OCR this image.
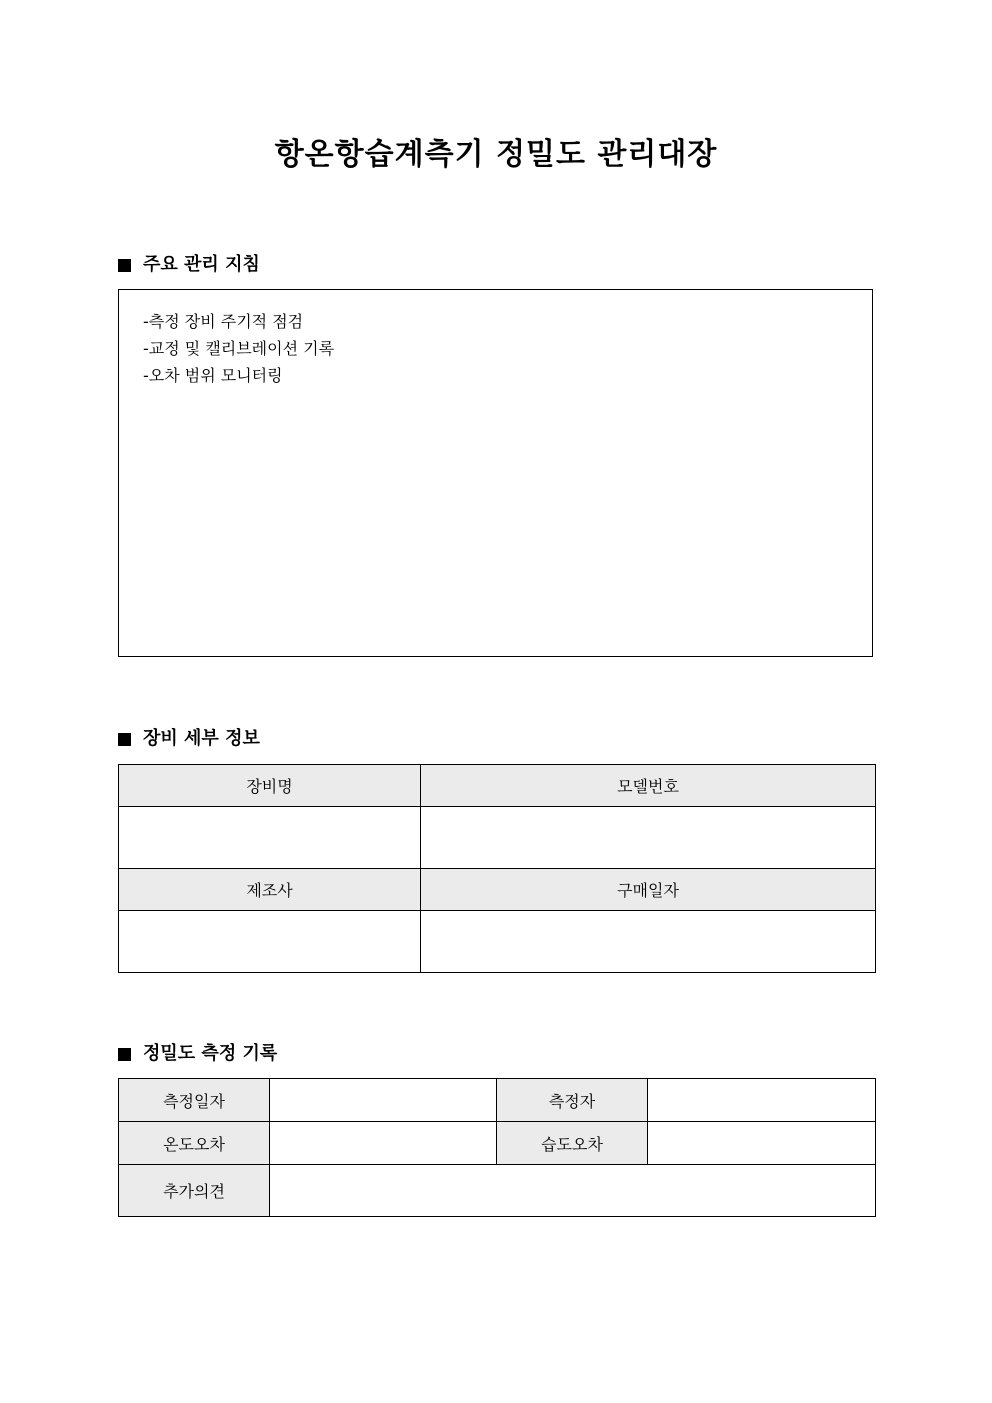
항온항습계측기 정밀도 관리대장
주요 관리 지침
-측정 장비 주기적 점검
-교정 및 캘리브레이션 기록
-오차 범위 모니터링
장비 세부 정보
장비명	모델번호

제조사	구매일자

정밀도 측정 기록
측정일자		측정자	
온도오차		습도오차	
추가의견			
